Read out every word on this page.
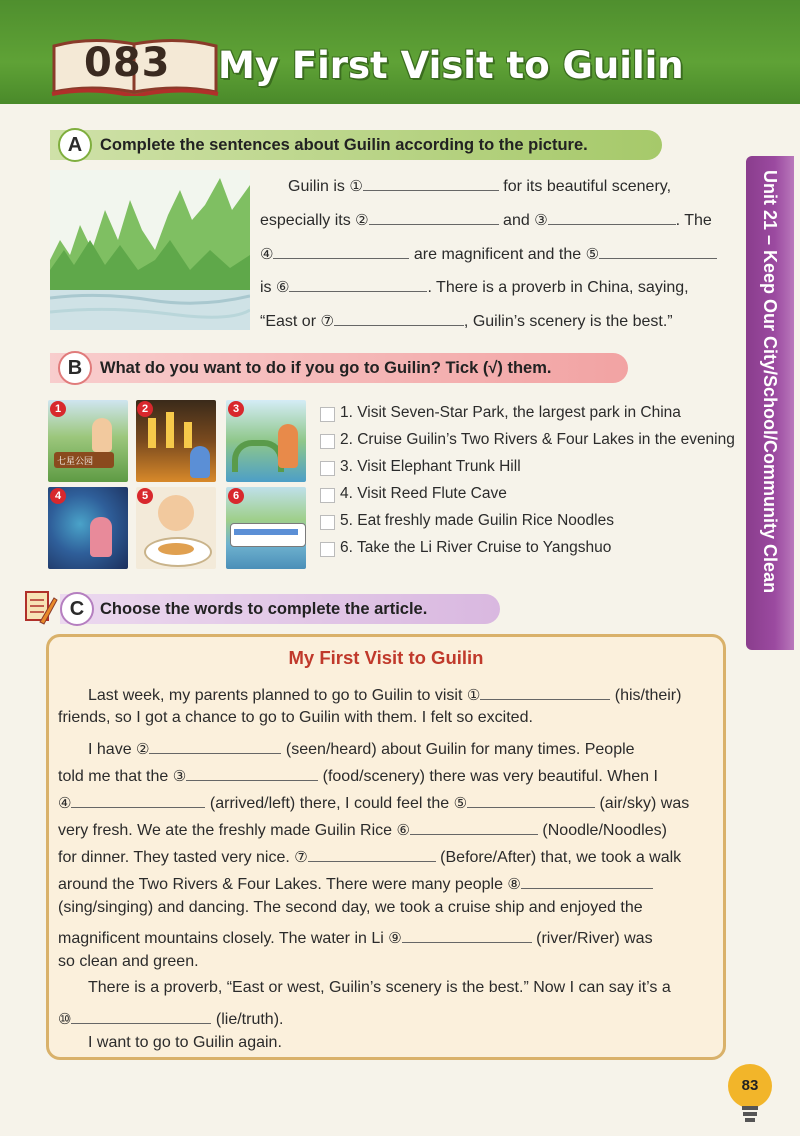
083 My First Visit to Guilin
Unit 21 – Keep Our City/School/Community Clean
A	Complete the sentences about Guilin according to the picture.
Guilin is ①	for its beautiful scenery,
especially its ②	and ③	. The
④	are magnificent and the ⑤
is ⑥	. There is a proverb in China, saying,
“East or ⑦	, Guilin’s scenery is the best.”
B	What do you want to do if you go to Guilin? Tick (√) them.
七星公园
1	2	3
4	5	6
1. Visit Seven-Star Park, the largest park in China
2. Cruise Guilin’s Two Rivers & Four Lakes in the evening
3. Visit Elephant Trunk Hill
4. Visit Reed Flute Cave
5. Eat freshly made Guilin Rice Noodles
6. Take the Li River Cruise to Yangshuo
C Choose the words to complete the article.
My First Visit to Guilin
Last week, my parents planned to go to Guilin to visit ①	(his/their)
friends, so I got a chance to go to Guilin with them. I felt so excited.
I have ②	(seen/heard) about Guilin for many times. People
told me that the ③	(food/scenery) there was very beautiful. When I
④	(arrived/left) there, I could feel the ⑤	(air/sky) was
very fresh. We ate the freshly made Guilin Rice ⑥	(Noodle/Noodles)
for dinner. They tasted very nice. ⑦	(Before/After) that, we took a walk
around the Two Rivers & Four Lakes. There were many people ⑧
(sing/singing) and dancing. The second day, we took a cruise ship and enjoyed the
magnificent mountains closely. The water in Li ⑨	(river/River) was
so clean and green.
There is a proverb, “East or west, Guilin’s scenery is the best.” Now I can say it’s a
⑩	(lie/truth).
I want to go to Guilin again.
83
